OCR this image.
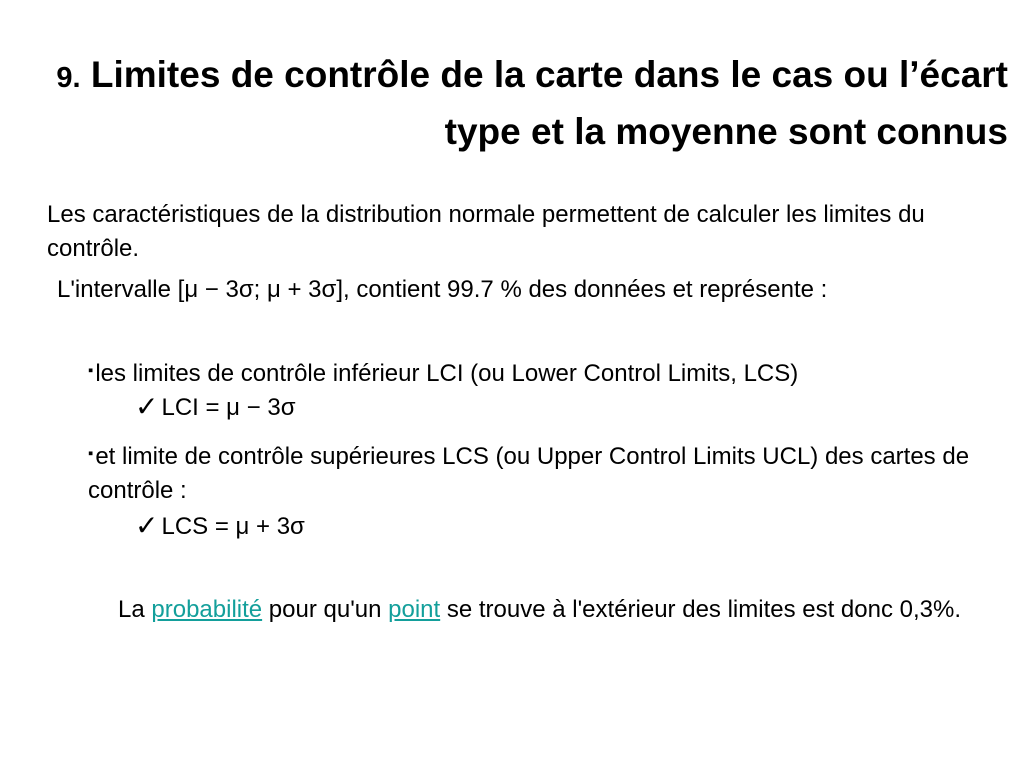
9. Limites de contrôle de la carte dans le cas ou l’écart type et la moyenne sont connus
Les caractéristiques de la distribution normale permettent de calculer les limites du contrôle.
L'intervalle [μ − 3σ; μ + 3σ], contient 99.7 % des données et représente :
▪les limites de contrôle inférieur LCI (ou Lower Control Limits, LCS)
✓ LCI = μ − 3σ
▪et limite de contrôle supérieures LCS (ou Upper Control Limits UCL) des cartes de contrôle :
✓ LCS = μ + 3σ
La probabilité pour qu'un point se trouve à l'extérieur des limites est donc 0,3%.
